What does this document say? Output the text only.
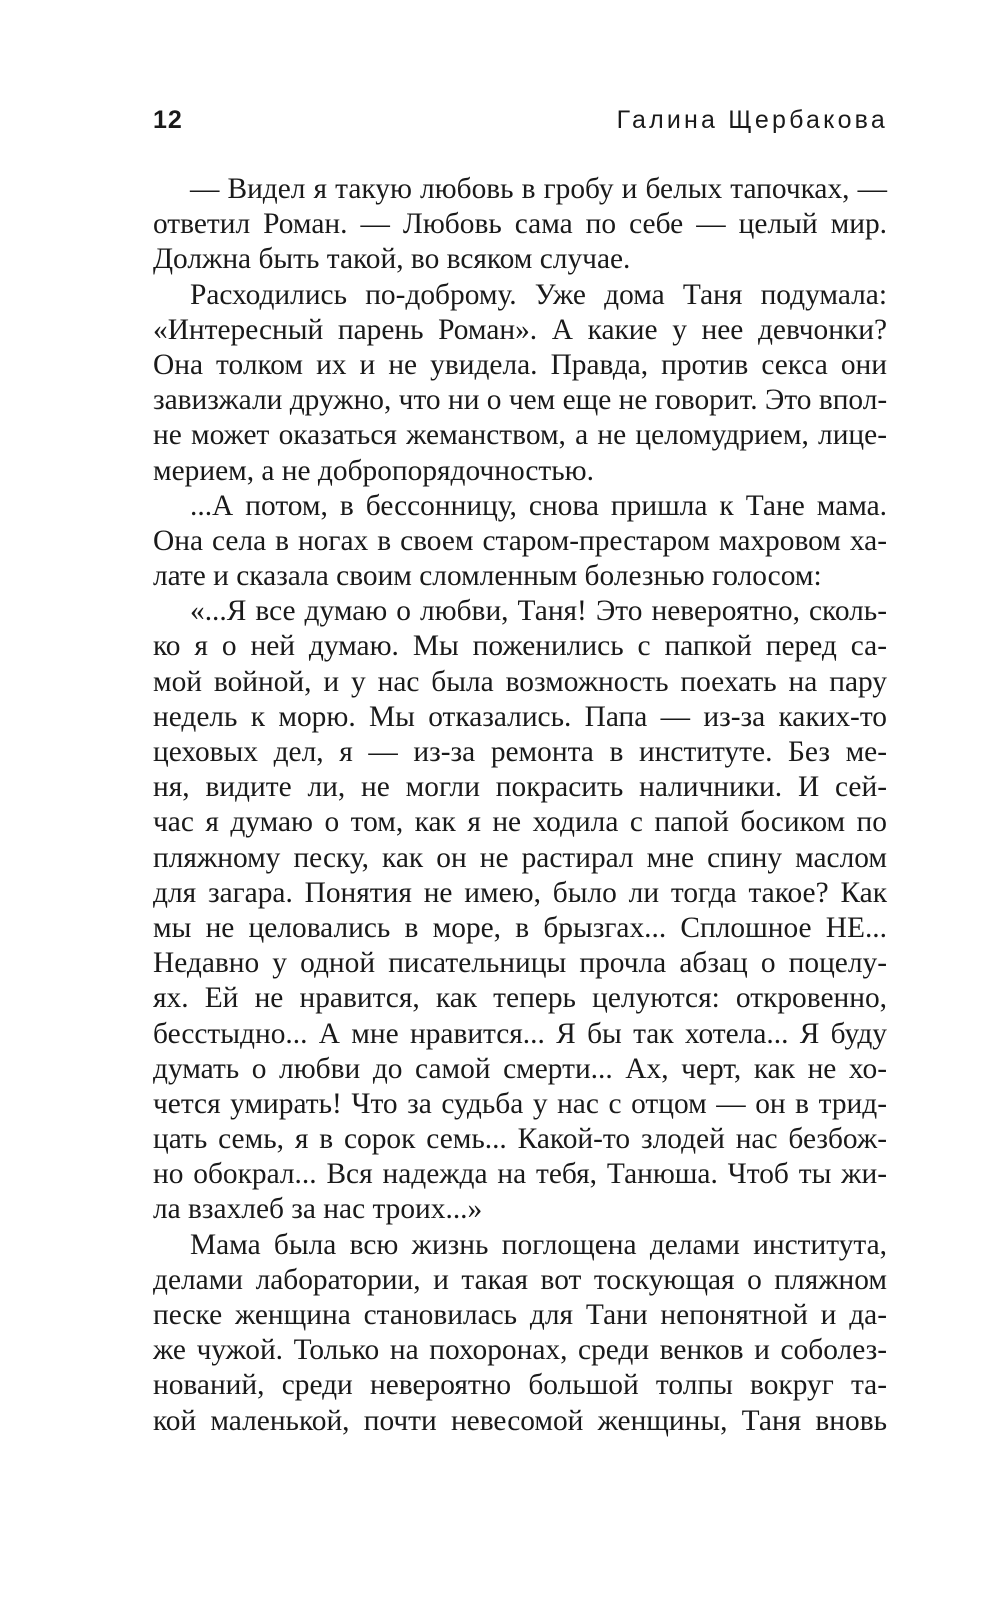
12	Галина Щербакова
— Видел я такую любовь в гробу и белых тапочках, —
ответил Роман. — Любовь сама по себе — целый мир.
Должна быть такой, во всяком случае.
Расходились по-доброму. Уже дома Таня подумала:
«Интересный парень Роман». А какие у нее девчонки?
Она толком их и не увидела. Правда, против секса они
завизжали дружно, что ни о чем еще не говорит. Это впол-
не может оказаться жеманством, а не целомудрием, лице-
мерием, а не добропорядочностью.
...А потом, в бессонницу, снова пришла к Тане мама.
Она села в ногах в своем старом-престаром махровом ха-
лате и сказала своим сломленным болезнью голосом:
«...Я все думаю о любви, Таня! Это невероятно, сколь-
ко я о ней думаю. Мы поженились с папкой перед са-
мой войной, и у нас была возможность поехать на пару
недель к морю. Мы отказались. Папа — из-за каких-то
цеховых дел, я — из-за ремонта в институте. Без ме-
ня, видите ли, не могли покрасить наличники. И сей-
час я думаю о том, как я не ходила с папой босиком по
пляжному песку, как он не растирал мне спину маслом
для загара. Понятия не имею, было ли тогда такое? Как
мы не целовались в море, в брызгах... Сплошное НЕ...
Недавно у одной писательницы прочла абзац о поцелу-
ях. Ей не нравится, как теперь целуются: откровенно,
бесстыдно... А мне нравится... Я бы так хотела... Я буду
думать о любви до самой смерти... Ах, черт, как не хо-
чется умирать! Что за судьба у нас с отцом — он в трид-
цать семь, я в сорок семь... Какой-то злодей нас безбож-
но обокрал... Вся надежда на тебя, Танюша. Чтоб ты жи-
ла взахлеб за нас троих...»
Мама была всю жизнь поглощена делами института,
делами лаборатории, и такая вот тоскующая о пляжном
песке женщина становилась для Тани непонятной и да-
же чужой. Только на похоронах, среди венков и соболез-
нований, среди невероятно большой толпы вокруг та-
кой маленькой, почти невесомой женщины, Таня вновь
